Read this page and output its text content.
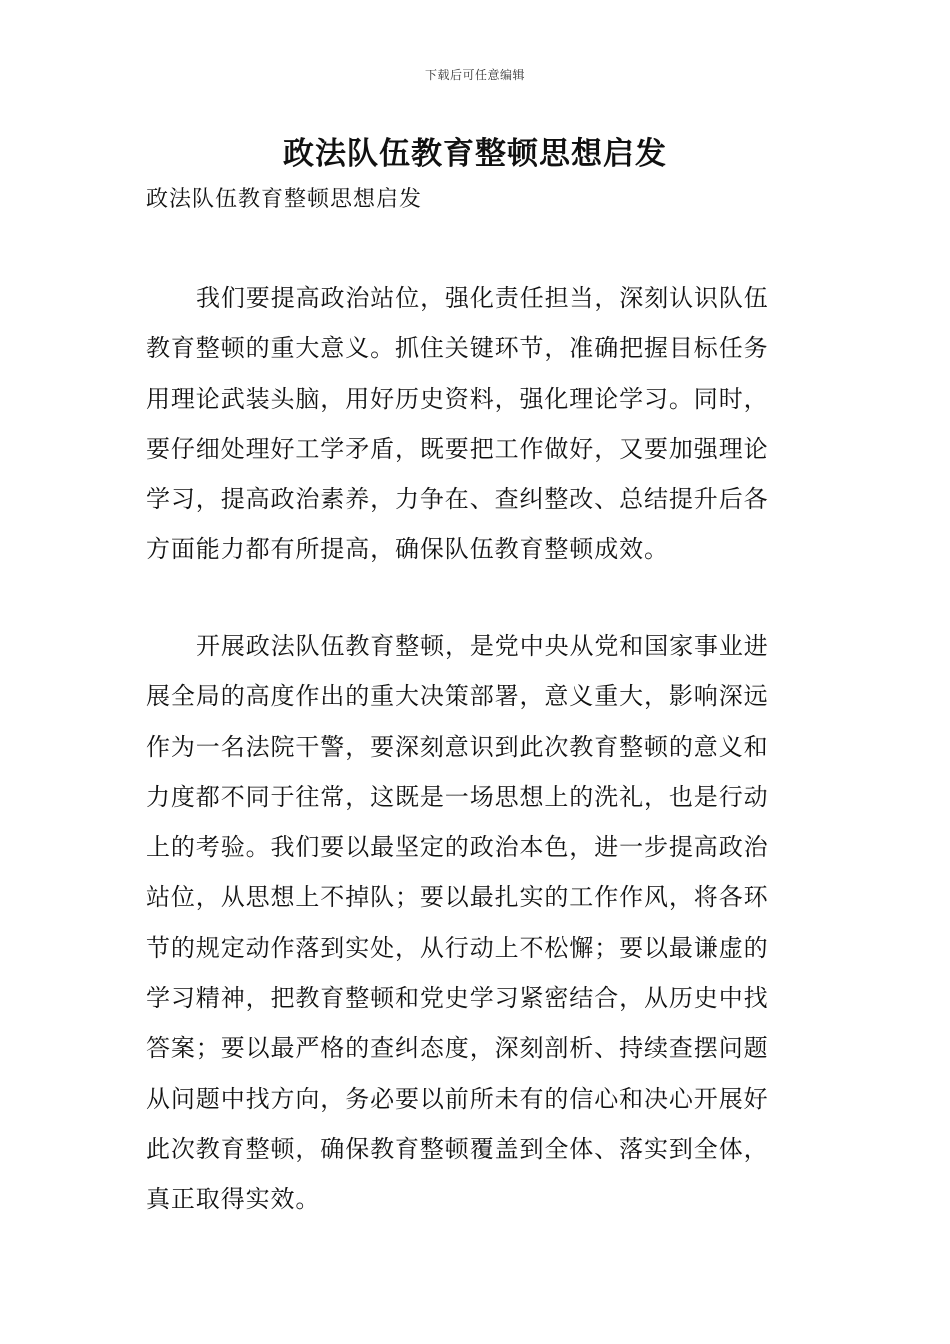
下载后可任意编辑
政法队伍教育整顿思想启发
政法队伍教育整顿思想启发
我们要提高政治站位，强化责任担当，深刻认识队伍
教育整顿的重大意义。抓住关键环节，准确把握目标任务
用理论武装头脑，用好历史资料，强化理论学习。同时，
要仔细处理好工学矛盾，既要把工作做好，又要加强理论
学习，提高政治素养，力争在、查纠整改、总结提升后各
方面能力都有所提高，确保队伍教育整顿成效。
开展政法队伍教育整顿，是党中央从党和国家事业进
展全局的高度作出的重大决策部署，意义重大，影响深远
作为一名法院干警，要深刻意识到此次教育整顿的意义和
力度都不同于往常，这既是一场思想上的洗礼，也是行动
上的考验。我们要以最坚定的政治本色，进一步提高政治
站位，从思想上不掉队；要以最扎实的工作作风，将各环
节的规定动作落到实处，从行动上不松懈；要以最谦虚的
学习精神，把教育整顿和党史学习紧密结合，从历史中找
答案；要以最严格的查纠态度，深刻剖析、持续查摆问题
从问题中找方向，务必要以前所未有的信心和决心开展好
此次教育整顿，确保教育整顿覆盖到全体、落实到全体，
真正取得实效。
